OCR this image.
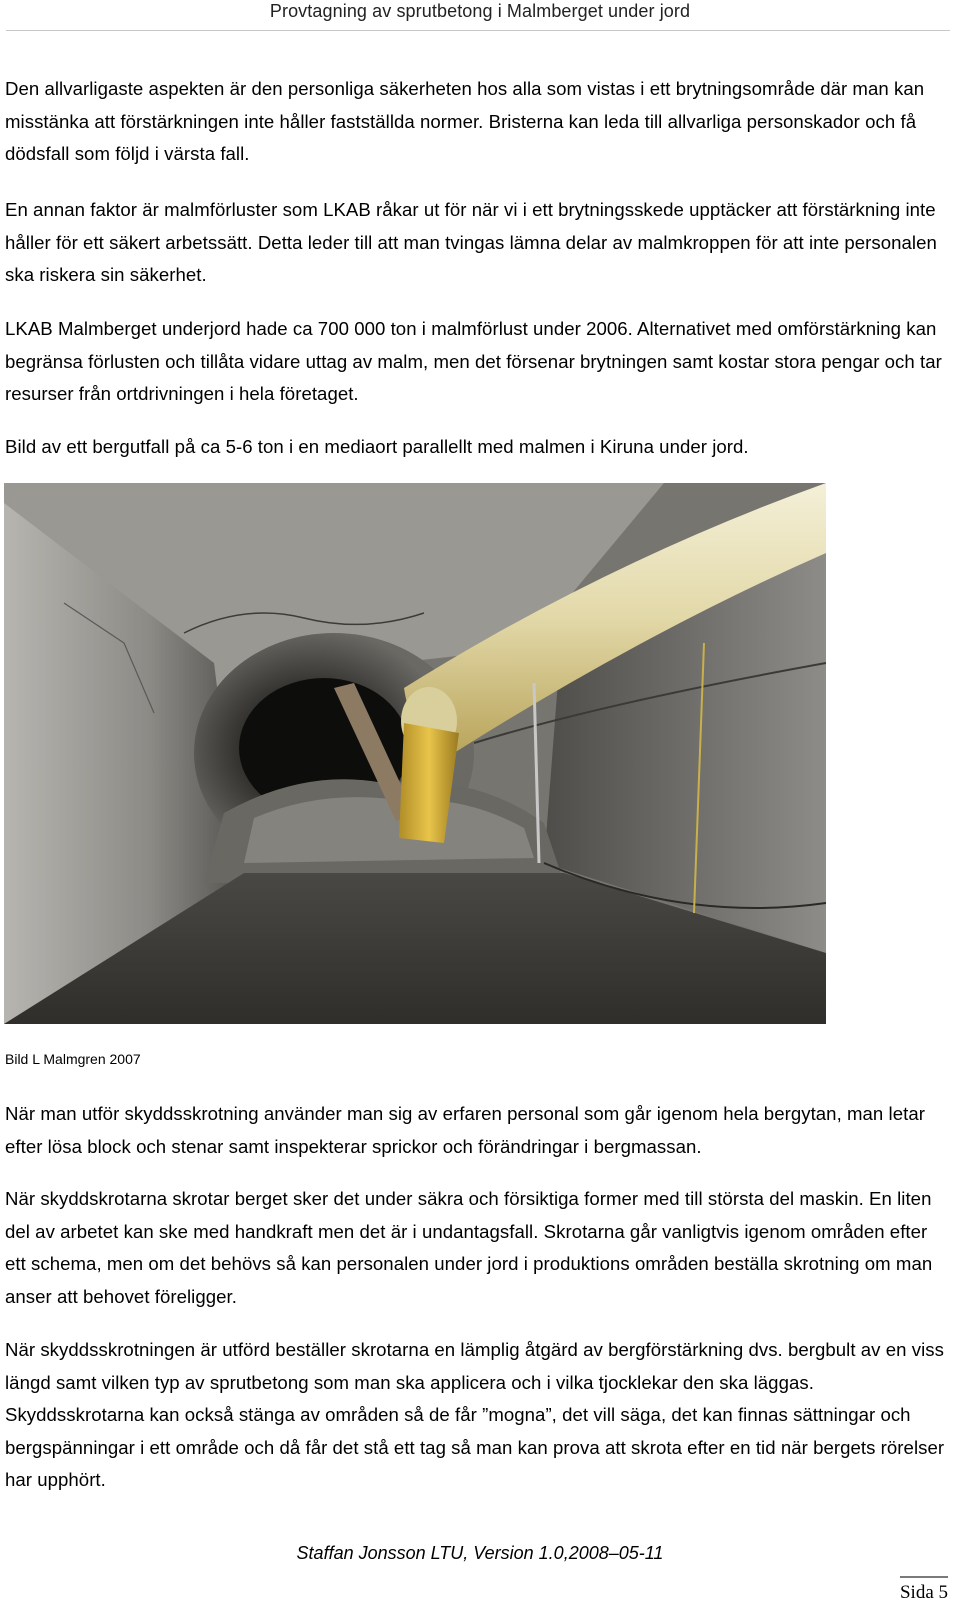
Provtagning av sprutbetong i Malmberget under jord

Den allvarligaste aspekten är den personliga säkerheten hos alla som vistas i ett brytningsområde där man kan misstänka att förstärkningen inte håller fastställda normer. Bristerna kan leda till allvarliga personskador och få dödsfall som följd i värsta fall.

En annan faktor är malmförluster som LKAB råkar ut för när vi i ett brytningsskede upptäcker att förstärkning inte håller för ett säkert arbetssätt. Detta leder till att man tvingas lämna delar av malmkroppen för att inte personalen ska riskera sin säkerhet.

LKAB Malmberget underjord hade ca 700 000 ton i malmförlust under 2006. Alternativet med omförstärkning kan begränsa förlusten och tillåta vidare uttag av malm, men det försenar brytningen samt kostar stora pengar och tar resurser från ortdrivningen i hela företaget.

Bild av ett bergutfall på ca 5-6 ton i en mediaort parallellt med malmen i Kiruna under jord.

Bild L Malmgren 2007

När man utför skyddsskrotning använder man sig av erfaren personal som går igenom hela bergytan, man letar efter lösa block och stenar samt inspekterar sprickor och förändringar i bergmassan.

När skyddskrotarna skrotar berget sker det under säkra och försiktiga former med till största del maskin. En liten del av arbetet kan ske med handkraft men det är i undantagsfall. Skrotarna går vanligtvis igenom områden efter ett schema, men om det behövs så kan personalen under jord i produktions områden beställa skrotning om man anser att behovet föreligger.

När skyddsskrotningen är utförd beställer skrotarna en lämplig åtgärd av bergförstärkning dvs. bergbult av en viss längd samt vilken typ av sprutbetong som man ska applicera och i vilka tjocklekar den ska läggas. Skyddsskrotarna kan också stänga av områden så de får ”mogna”, det vill säga, det kan finnas sättningar och bergspänningar i ett område och då får det stå ett tag så man kan prova att skrota efter en tid när bergets rörelser har upphört.

Staffan Jonsson LTU, Version 1.0,2008–05-11
Sida 5
